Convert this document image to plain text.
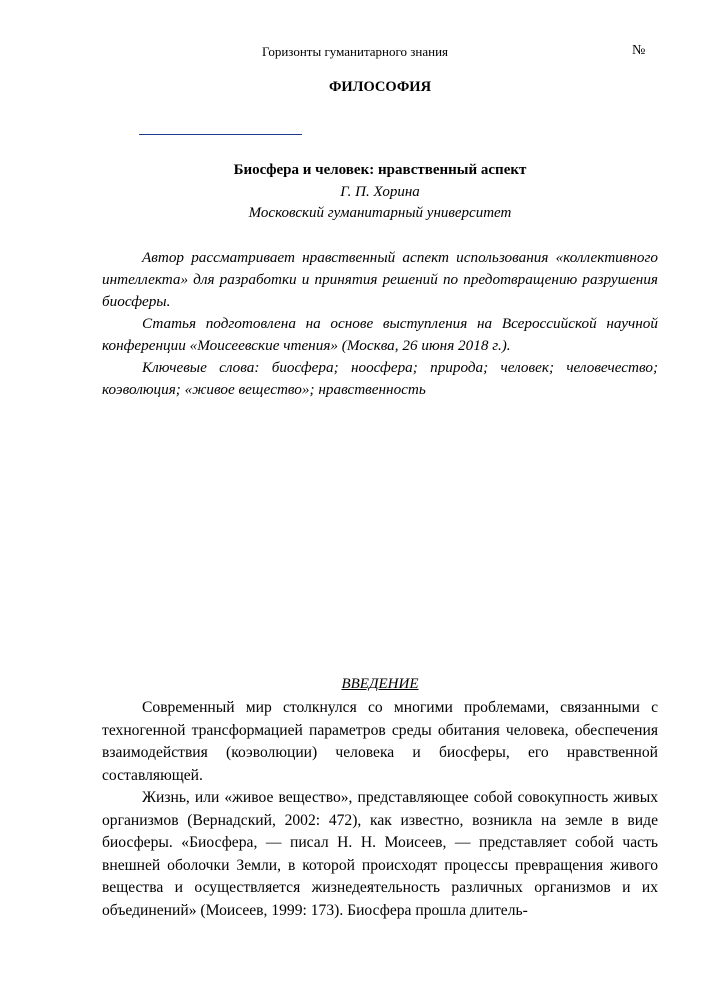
Горизонты гуманитарного знания	№
ФИЛОСОФИЯ
Биосфера и человек: нравственный аспект
Г. П. Хорина
Московский гуманитарный университет

Автор рассматривает нравственный аспект использования «коллективного интеллекта» для разработки и принятия решений по предотвращению разрушения биосферы.

Статья подготовлена на основе выступления на Всероссийской научной конференции «Моисеевские чтения» (Москва, 26 июня 2018 г.).

Ключевые слова: биосфера; ноосфера; природа; человек; человечество; коэволюция; «живое вещество»; нравственность

ВВЕДЕНИЕ

Современный мир столкнулся со многими проблемами, связанными с техногенной трансформацией параметров среды обитания человека, обеспечения взаимодействия (коэволюции) человека и биосферы, его нравственной составляющей.

Жизнь, или «живое вещество», представляющее собой совокупность живых организмов (Вернадский, 2002: 472), как известно, возникла на земле в виде биосферы. «Биосфера, — писал Н. Н. Моисеев, — представляет собой часть внешней оболочки Земли, в которой происходят процессы превращения живого вещества и осуществляется жизнедеятельность различных организмов и их объединений» (Моисеев, 1999: 173). Биосфера прошла длитель-
